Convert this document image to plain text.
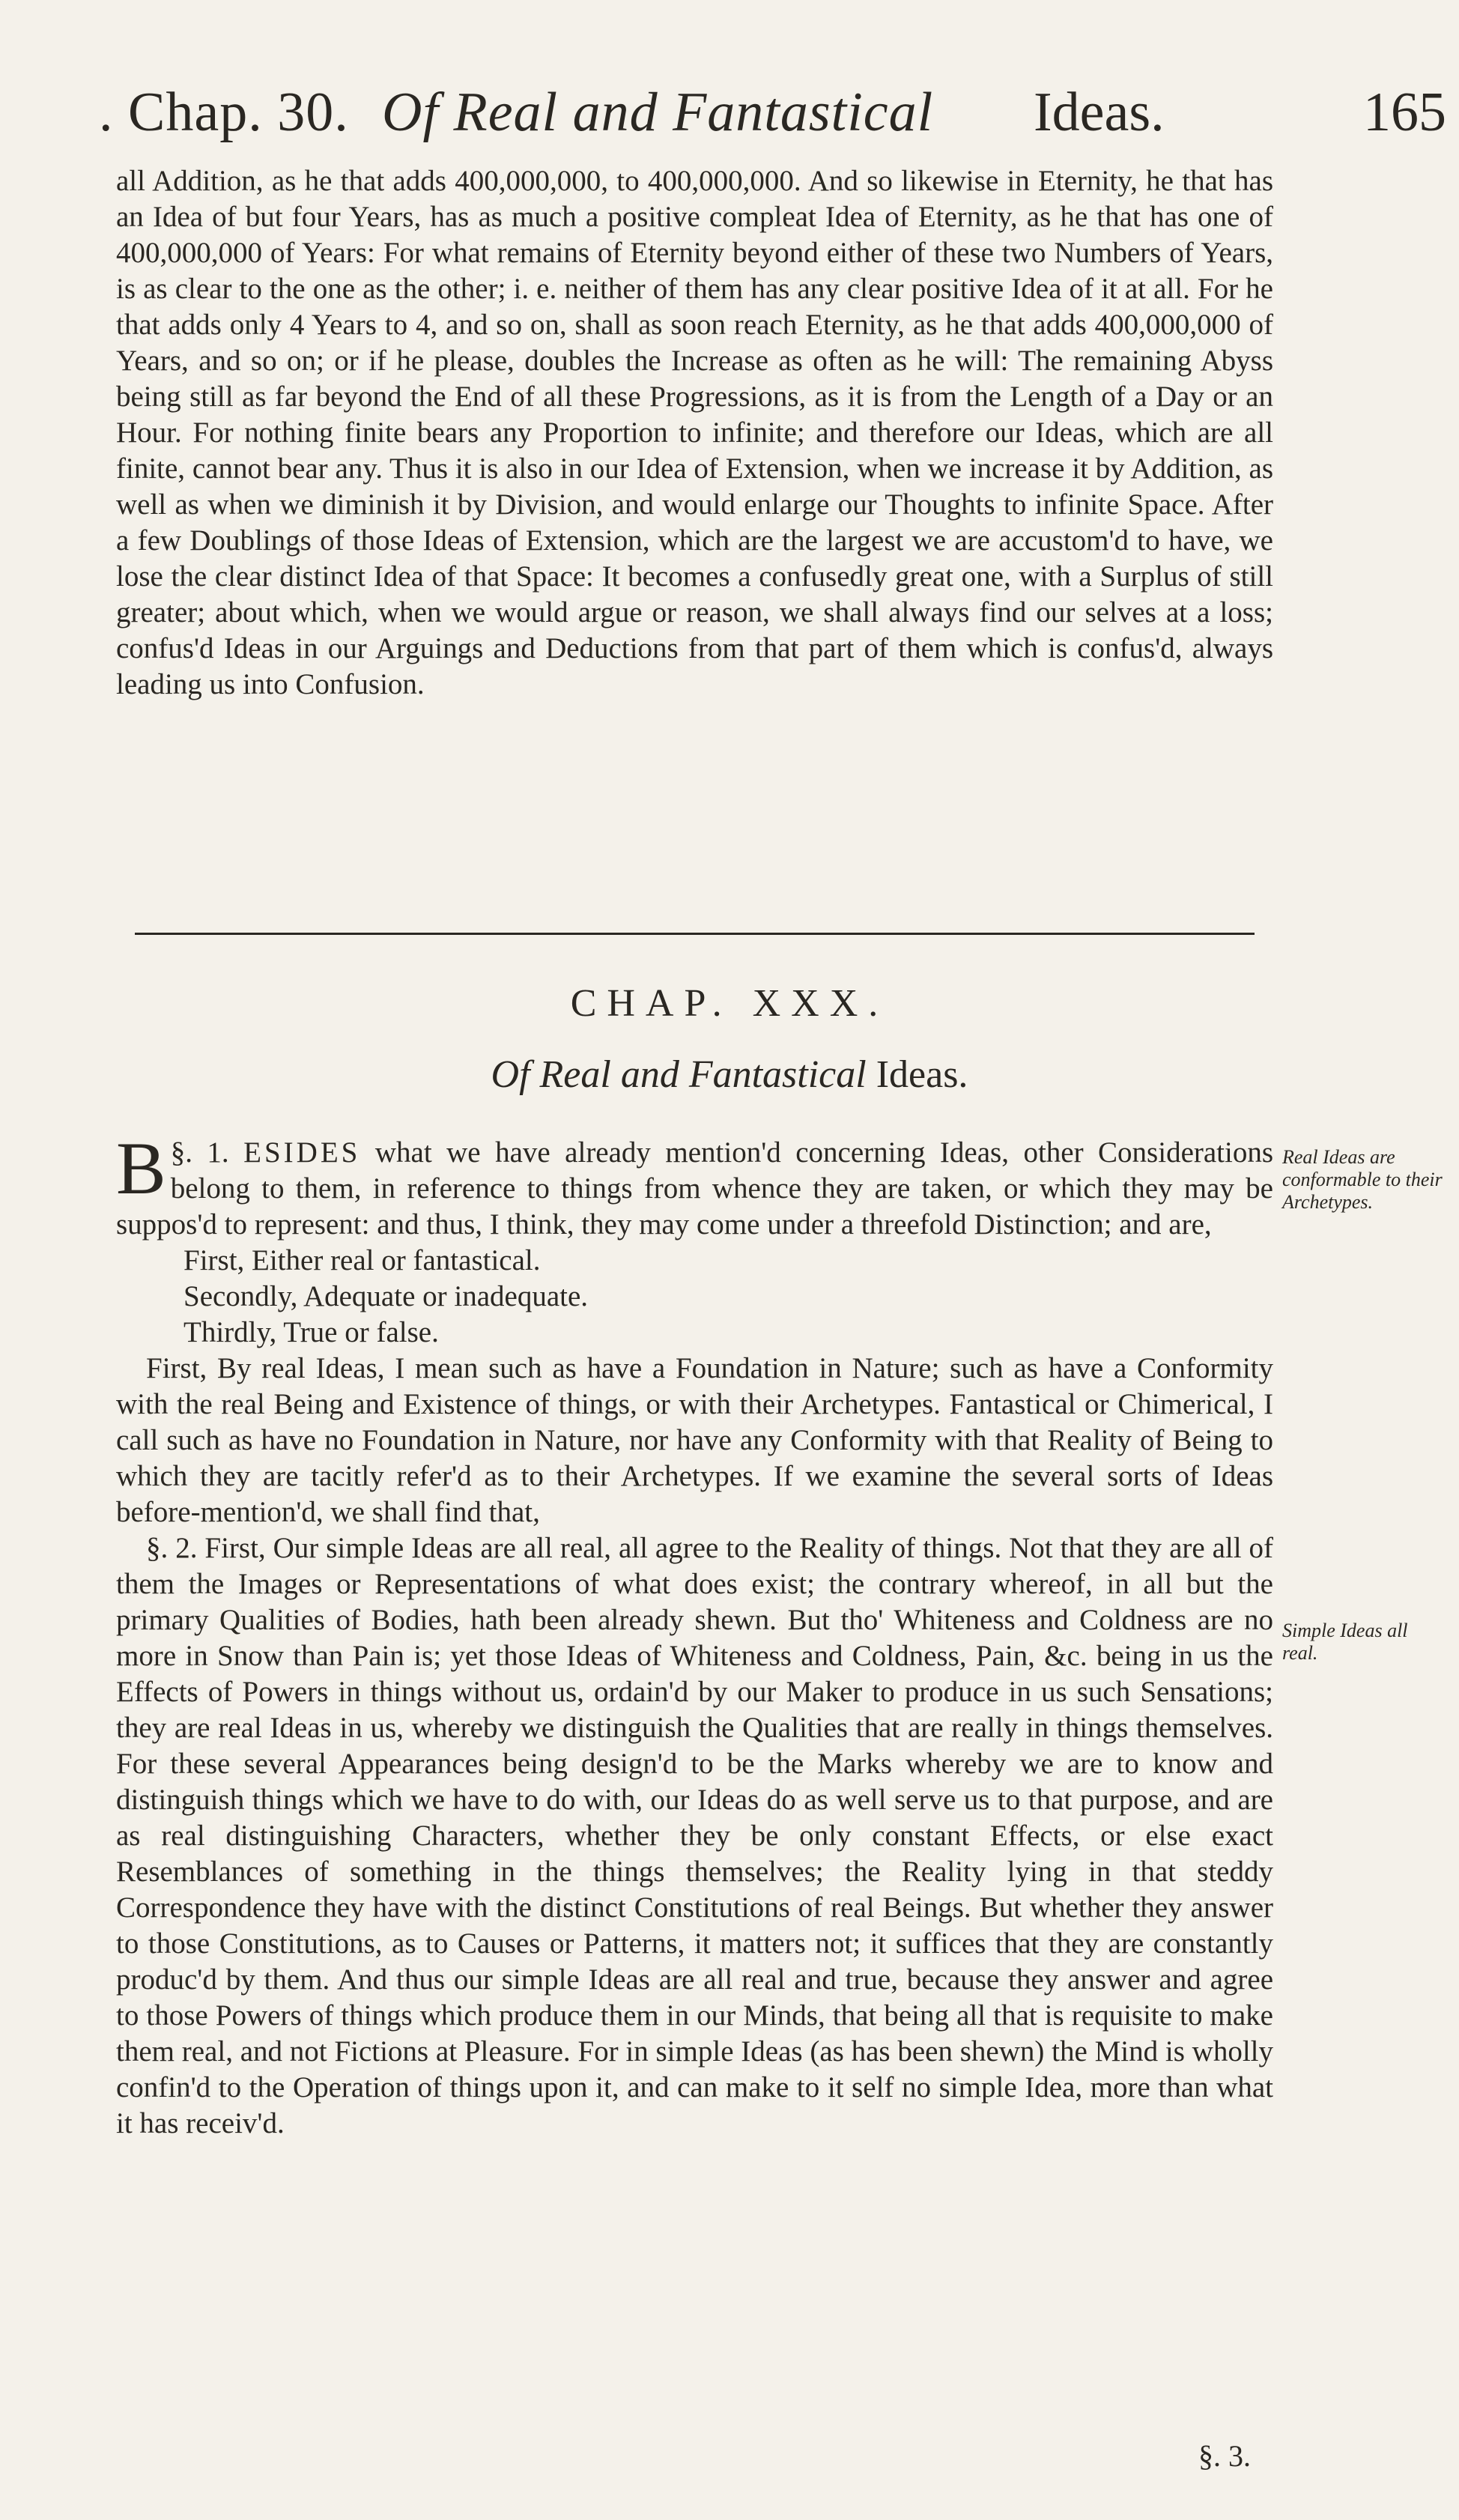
. Chap. 30. Of Real and Fantastical Ideas.	165

all Addition, as he that adds 400,000,000, to 400,000,000. And so likewise in Eternity, he that has an Idea of but four Years, has as much a positive compleat Idea of Eternity, as he that has one of 400,000,000 of Years: For what remains of Eternity beyond either of these two Numbers of Years, is as clear to the one as the other; i. e. neither of them has any clear positive Idea of it at all. For he that adds only 4 Years to 4, and so on, shall as soon reach Eternity, as he that adds 400,000,000 of Years, and so on; or if he please, doubles the Increase as often as he will: The remaining Abyss being still as far beyond the End of all these Progressions, as it is from the Length of a Day or an Hour. For nothing finite bears any Proportion to infinite; and therefore our Ideas, which are all finite, cannot bear any. Thus it is also in our Idea of Extension, when we increase it by Addition, as well as when we diminish it by Division, and would enlarge our Thoughts to infinite Space. After a few Doublings of those Ideas of Extension, which are the largest we are accustom'd to have, we lose the clear distinct Idea of that Space: It becomes a confusedly great one, with a Surplus of still greater; about which, when we would argue or reason, we shall always find our selves at a loss; confus'd Ideas in our Arguings and Deductions from that part of them which is confus'd, always leading us into Confusion.

CHAP. XXX.
Of Real and Fantastical Ideas.

§. 1.
B	ESIDES what we have already mention'd concerning Ideas, other Considerations belong to them, in reference to things from whence they are taken, or which they may be suppos'd to represent: and thus, I think, they may come under a threefold Distinction; and are,

First, Either real or fantastical.

Secondly, Adequate or inadequate.

Thirdly, True or false.

First, By real Ideas, I mean such as have a Foundation in Nature; such as have a Conformity with the real Being and Existence of things, or with their Archetypes. Fantastical or Chimerical, I call such as have no Foundation in Nature, nor have any Conformity with that Reality of Being to which they are tacitly refer'd as to their Archetypes. If we examine the several sorts of Ideas before-mention'd, we shall find that,

§. 2. First, Our simple Ideas are all real, all agree to the Reality of things. Not that they are all of them the Images or Representations of what does exist; the contrary whereof, in all but the primary Qualities of Bodies, hath been already shewn. But tho' Whiteness and Coldness are no more in Snow than Pain is; yet those Ideas of Whiteness and Coldness, Pain, &c. being in us the Effects of Powers in things without us, ordain'd by our Maker to produce in us such Sensations; they are real Ideas in us, whereby we distinguish the Qualities that are really in things themselves. For these several Appearances being design'd to be the Marks whereby we are to know and distinguish things which we have to do with, our Ideas do as well serve us to that purpose, and are as real distinguishing Characters, whether they be only constant Effects, or else exact Resemblances of something in the things themselves; the Reality lying in that steddy Correspondence they have with the distinct Constitutions of real Beings. But whether they answer to those Constitutions, as to Causes or Patterns, it matters not; it suffices that they are constantly produc'd by them. And thus our simple Ideas are all real and true, because they answer and agree to those Powers of things which produce them in our Minds, that being all that is requisite to make them real, and not Fictions at Pleasure. For in simple Ideas (as has been shewn) the Mind is wholly confin'd to the Operation of things upon it, and can make to it self no simple Idea, more than what it has receiv'd.

Real Ideas are conformable to their Archetypes.
Simple Ideas all real.
§. 3.
